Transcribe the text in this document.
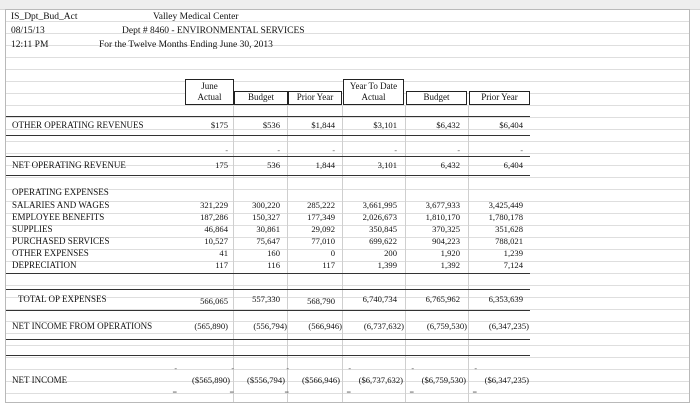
IS_Dpt_Bud_Act
08/15/13
12:11 PM
Valley Medical Center
Dept # 8460 - ENVIRONMENTAL SERVICES
For the Twelve Months Ending June 30, 2013
June
Actual	Budget	Prior Year
Year To Date
Actual	Budget	Prior Year
OTHER OPERATING REVENUES	$175	$536	$1,844	$3,101	$6,432	$6,404
-	-	-	-	-	-
NET OPERATING REVENUE	175	536	1,844	3,101	6,432	6,404
OPERATING EXPENSES
SALARIES AND WAGES	321,229	300,220	285,222	3,661,995	3,677,933	3,425,449
EMPLOYEE BENEFITS	187,286	150,327	177,349	2,026,673	1,810,170	1,780,178
SUPPLIES	46,864	30,861	29,092	350,845	370,325	351,628
PURCHASED SERVICES	10,527	75,647	77,010	699,622	904,223	788,021
OTHER EXPENSES	41	160	0	200	1,920	1,239
DEPRECIATION	117	116	117	1,399	1,392	7,124
TOTAL OP EXPENSES	566,065	557,330	568,790	6,740,734	6,765,962	6,353,639
NET INCOME FROM OPERATIONS	(565,890)	(556,794) (566,946)	(6,737,632)	(6,759,530)	(6,347,235)
-	-	-	-	-	-
NET INCOME	($565,890) ($556,794) ($566,946) ($6,737,632) ($6,759,530) ($6,347,235)
=	=	=	=	=	=
